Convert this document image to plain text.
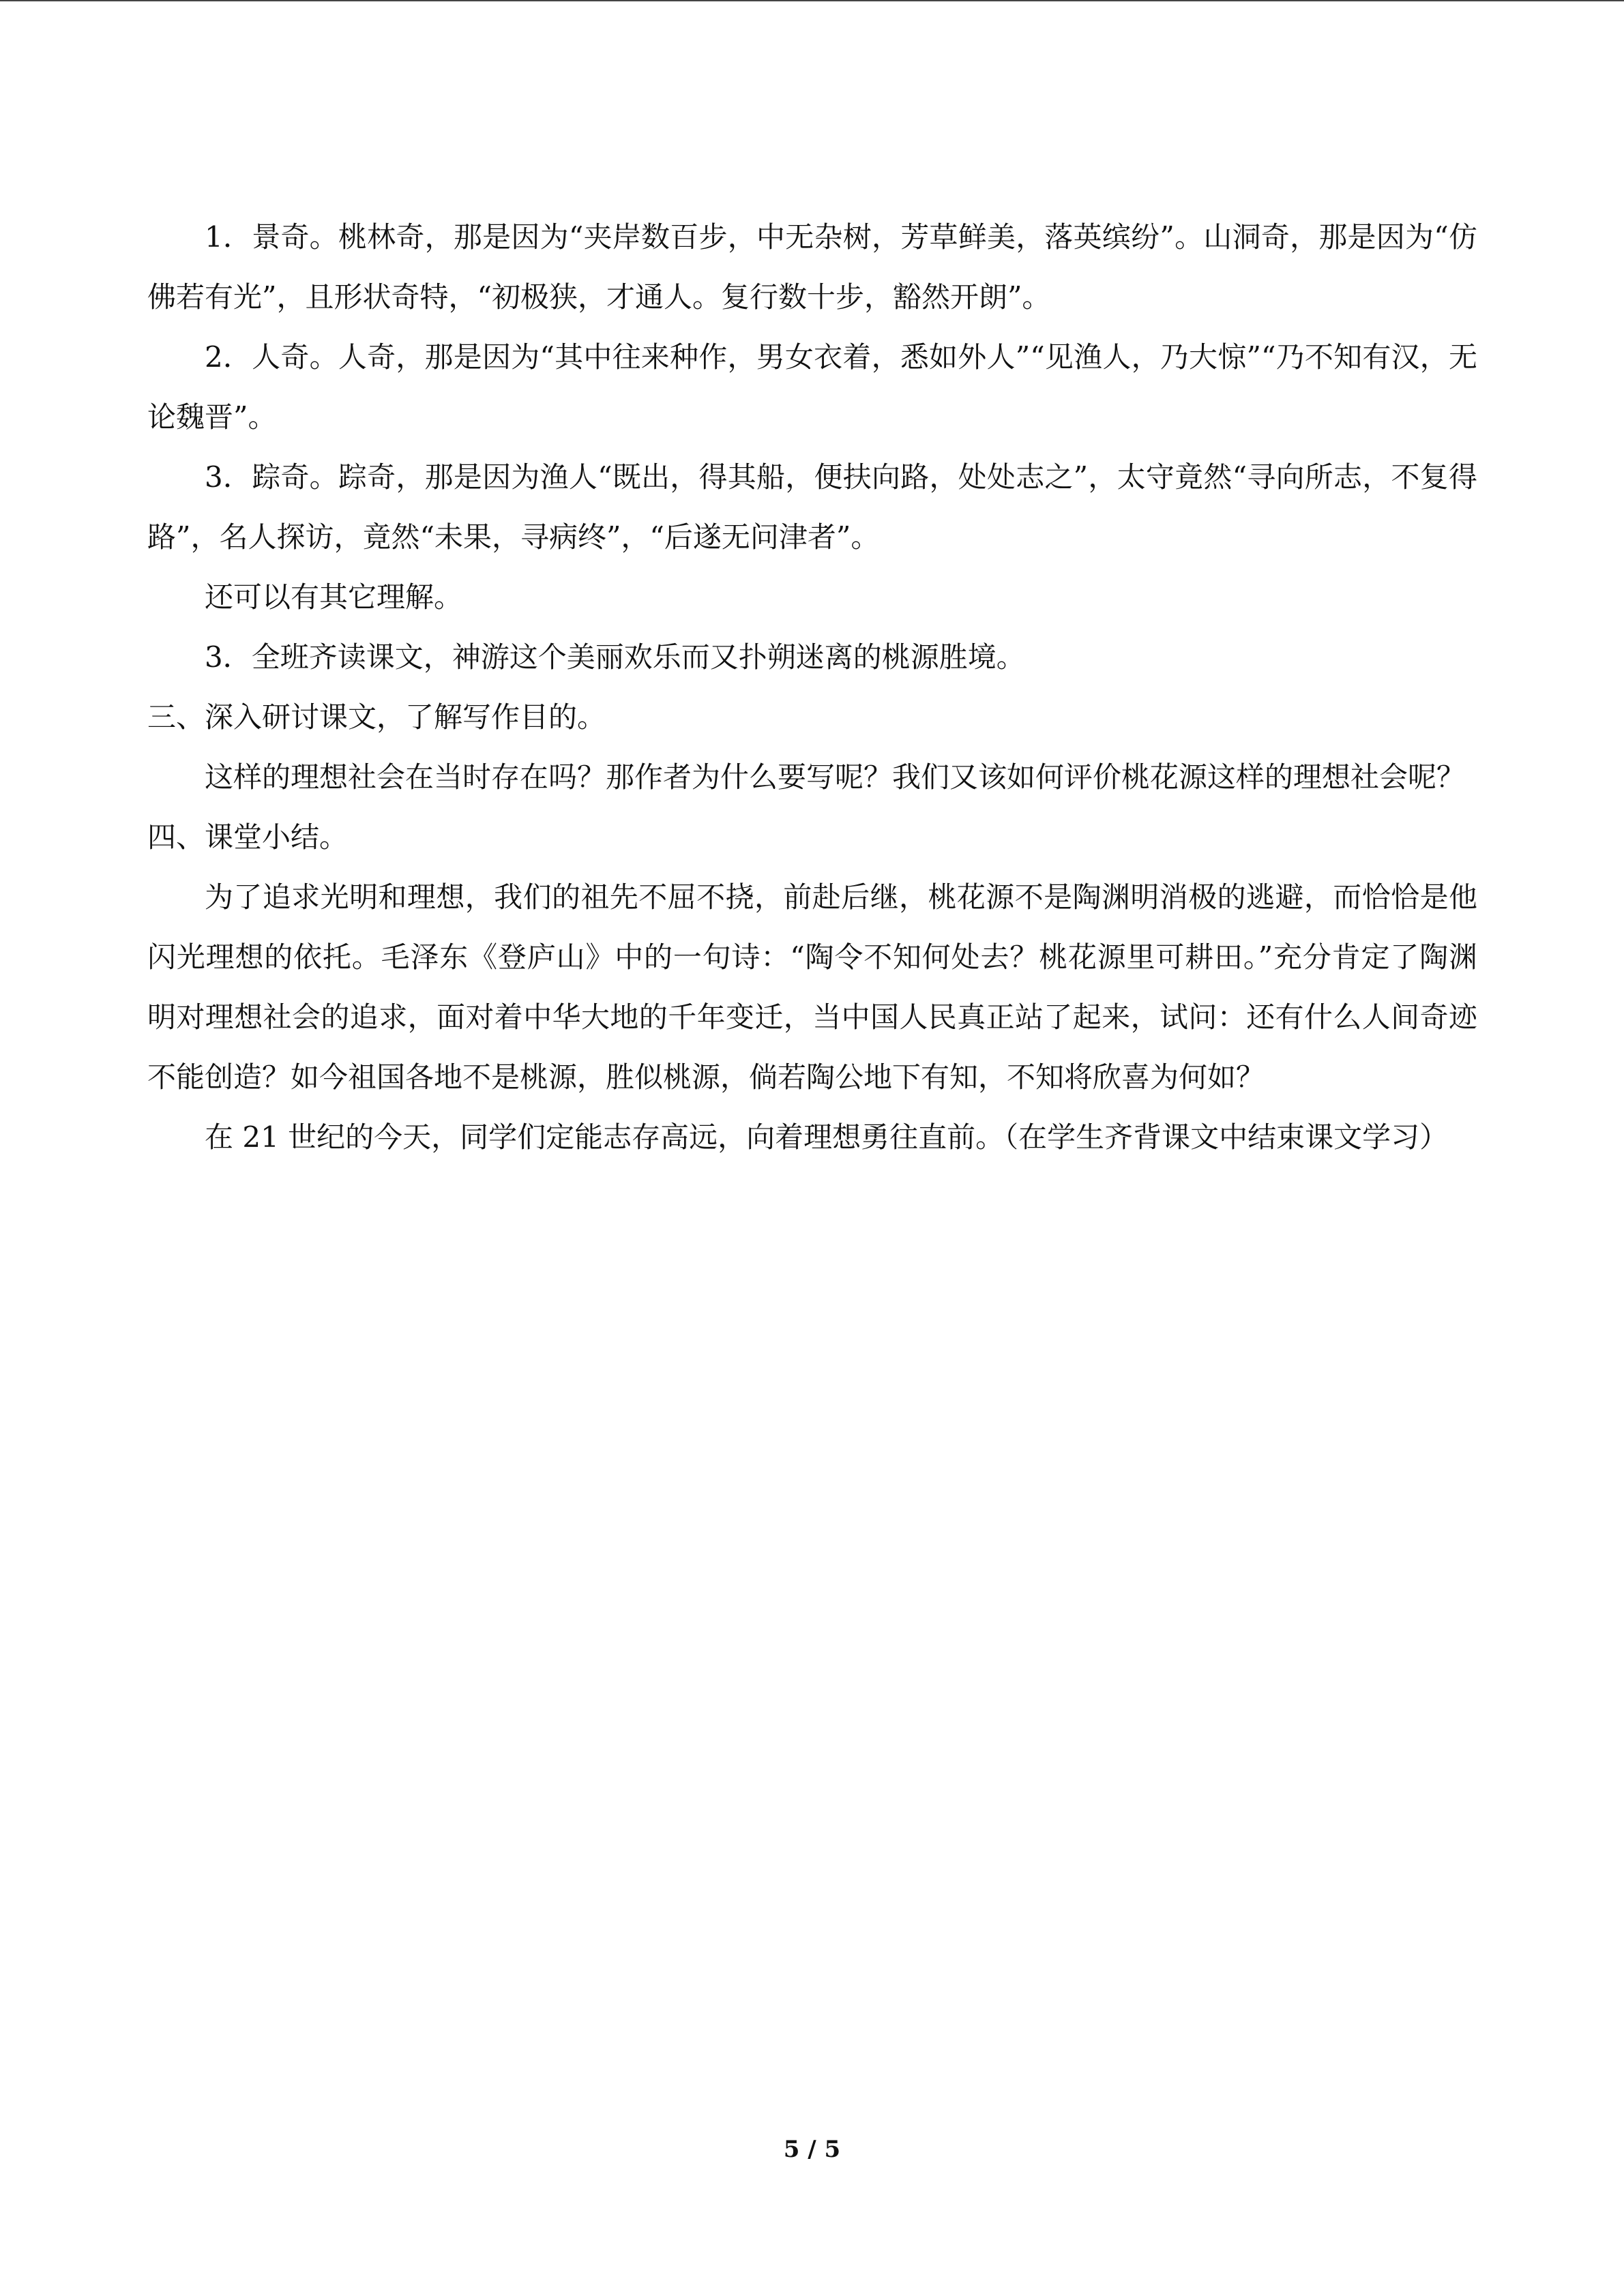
1．景奇。桃林奇，那是因为“夹岸数百步，中无杂树，芳草鲜美，落英缤纷”。山洞奇，那是因为“仿佛若有光”，且形状奇特，“初极狭，才通人。复行数十步，豁然开朗”。

2．人奇。人奇，那是因为“其中往来种作，男女衣着，悉如外人”“见渔人，乃大惊”“乃不知有汉，无论魏晋”。

3．踪奇。踪奇，那是因为渔人“既出，得其船，便扶向路，处处志之”，太守竟然“寻向所志，不复得路”，名人探访，竟然“未果，寻病终”，“后遂无问津者”。

还可以有其它理解。

3．全班齐读课文，神游这个美丽欢乐而又扑朔迷离的桃源胜境。

三、深入研讨课文，了解写作目的。

这样的理想社会在当时存在吗？那作者为什么要写呢？我们又该如何评价桃花源这样的理想社会呢？

四、课堂小结。

为了追求光明和理想，我们的祖先不屈不挠，前赴后继，桃花源不是陶渊明消极的逃避，而恰恰是他闪光理想的依托。毛泽东《登庐山》中的一句诗：“陶令不知何处去？桃花源里可耕田。”充分肯定了陶渊明对理想社会的追求，面对着中华大地的千年变迁，当中国人民真正站了起来，试问：还有什么人间奇迹不能创造？如今祖国各地不是桃源，胜似桃源，倘若陶公地下有知，不知将欣喜为何如？

在 21 世纪的今天，同学们定能志存高远，向着理想勇往直前。（在学生齐背课文中结束课文学习）

5 / 5
